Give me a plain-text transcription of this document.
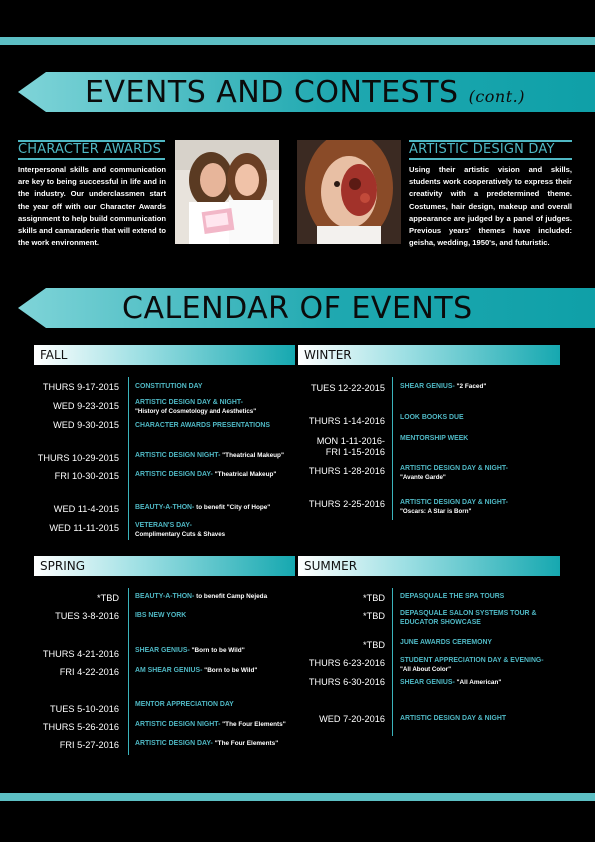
EVENTS AND CONTESTS (cont.)
CHARACTER AWARDS
Interpersonal skills and communication are key to being successful in life and in the industry. Our underclassmen start the year off with our Character Awards assignment to help build communication skills and camaraderie that will extend to the work environment.
ARTISTIC DESIGN DAY
Using their artistic vision and skills, students work cooperatively to express their creativity with a predetermined theme. Costumes, hair design, makeup and overall appearance are judged by a panel of judges. Previous years' themes have included: geisha, wedding, 1950's, and futuristic.
CALENDAR OF EVENTS
FALL	WINTER
SPRING	SUMMER
THURS 9-17-2015 CONSTITUTION DAY
WED 9-23-2015 ARTISTIC DESIGN DAY & NIGHT-
"History of Cosmetology and Aesthetics"
WED 9-30-2015 CHARACTER AWARDS PRESENTATIONS
THURS 10-29-2015 ARTISTIC DESIGN NIGHT- "Theatrical Makeup"
FRI 10-30-2015 ARTISTIC DESIGN DAY- "Theatrical Makeup"
WED 11-4-2015 BEAUTY-A-THON- to benefit "City of Hope"
WED 11-11-2015 VETERAN'S DAY-
Complimentary Cuts & Shaves
TUES 12-22-2015 SHEAR GENIUS- "2 Faced"
THURS 1-14-2016 LOOK BOOKS DUE
MON 1-11-2016-
FRI 1-15-2016
MENTORSHIP WEEK
THURS 1-28-2016 ARTISTIC DESIGN DAY & NIGHT-
"Avante Garde"
THURS 2-25-2016 ARTISTIC DESIGN DAY & NIGHT-
"Oscars: A Star is Born"
*TBD BEAUTY-A-THON- to benefit Camp Nejeda
TUES 3-8-2016 IBS NEW YORK
THURS 4-21-2016 SHEAR GENIUS- "Born to be Wild"
FRI 4-22-2016 AM SHEAR GENIUS- "Born to be Wild"
TUES 5-10-2016 MENTOR APPRECIATION DAY
THURS 5-26-2016 ARTISTIC DESIGN NIGHT- "The Four Elements"
FRI 5-27-2016 ARTISTIC DESIGN DAY- "The Four Elements"
*TBD DEPASQUALE THE SPA TOURS
*TBD DEPASQUALE SALON SYSTEMS TOUR &
EDUCATOR SHOWCASE
*TBD JUNE AWARDS CEREMONY
THURS 6-23-2016 STUDENT APPRECIATION DAY & EVENING-
"All About Color"
THURS 6-30-2016 SHEAR GENIUS- "All American"
WED 7-20-2016 ARTISTIC DESIGN DAY & NIGHT
